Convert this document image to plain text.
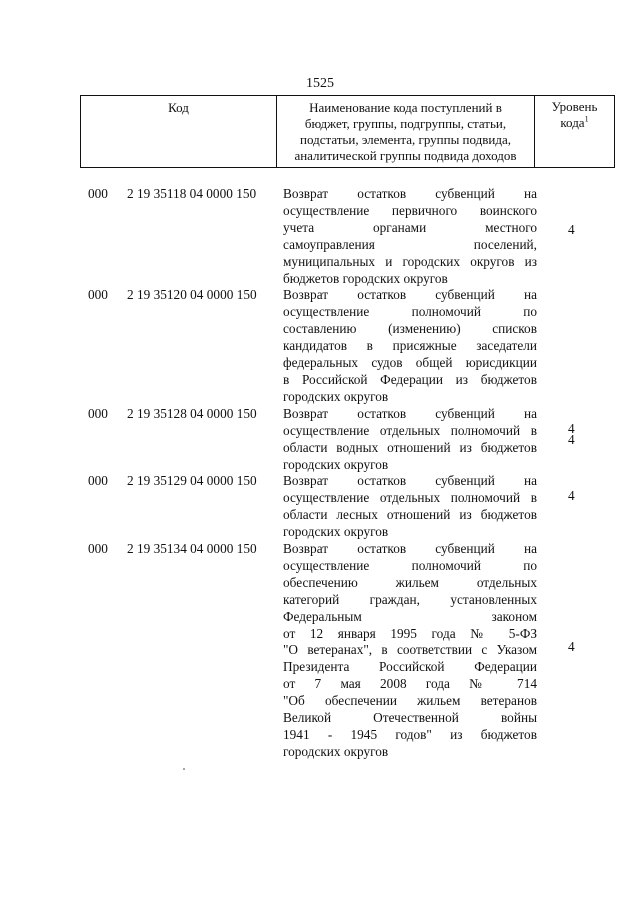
1525
Код	Наименование кода поступлений в
бюджет, группы, подгруппы, статьи,
подстатьи, элемента, группы подвида,
аналитической группы подвида доходов
Уровень
кода$^1$
000 2 19 35118 04 0000 150 Возврат остатков субвенций на
осуществление первичного воинского
учета органами местного
самоуправления поселений,
муниципальных и городских округов из
бюджетов городских округов
4
000 2 19 35120 04 0000 150 Возврат остатков субвенций на
осуществление полномочий по
составлению (изменению) списков
кандидатов в присяжные заседатели
федеральных судов общей юрисдикции
в Российской Федерации из бюджетов
городских округов
4
000 2 19 35128 04 0000 150 Возврат остатков субвенций на
осуществление отдельных полномочий в
области водных отношений из бюджетов
городских округов
4
000 2 19 35129 04 0000 150 Возврат остатков субвенций на
осуществление отдельных полномочий в
области лесных отношений из бюджетов
городских округов
4
000 2 19 35134 04 0000 150 Возврат остатков субвенций на
осуществление полномочий по
обеспечению жильем отдельных
категорий граждан, установленных
Федеральным законом
от 12 января 1995 года № 5-ФЗ
"О ветеранах", в соответствии с Указом
Президента Российской Федерации
от 7 мая 2008 года № 714
"Об обеспечении жильем ветеранов
Великой Отечественной войны
1941 - 1945 годов" из бюджетов
городских округов
4
